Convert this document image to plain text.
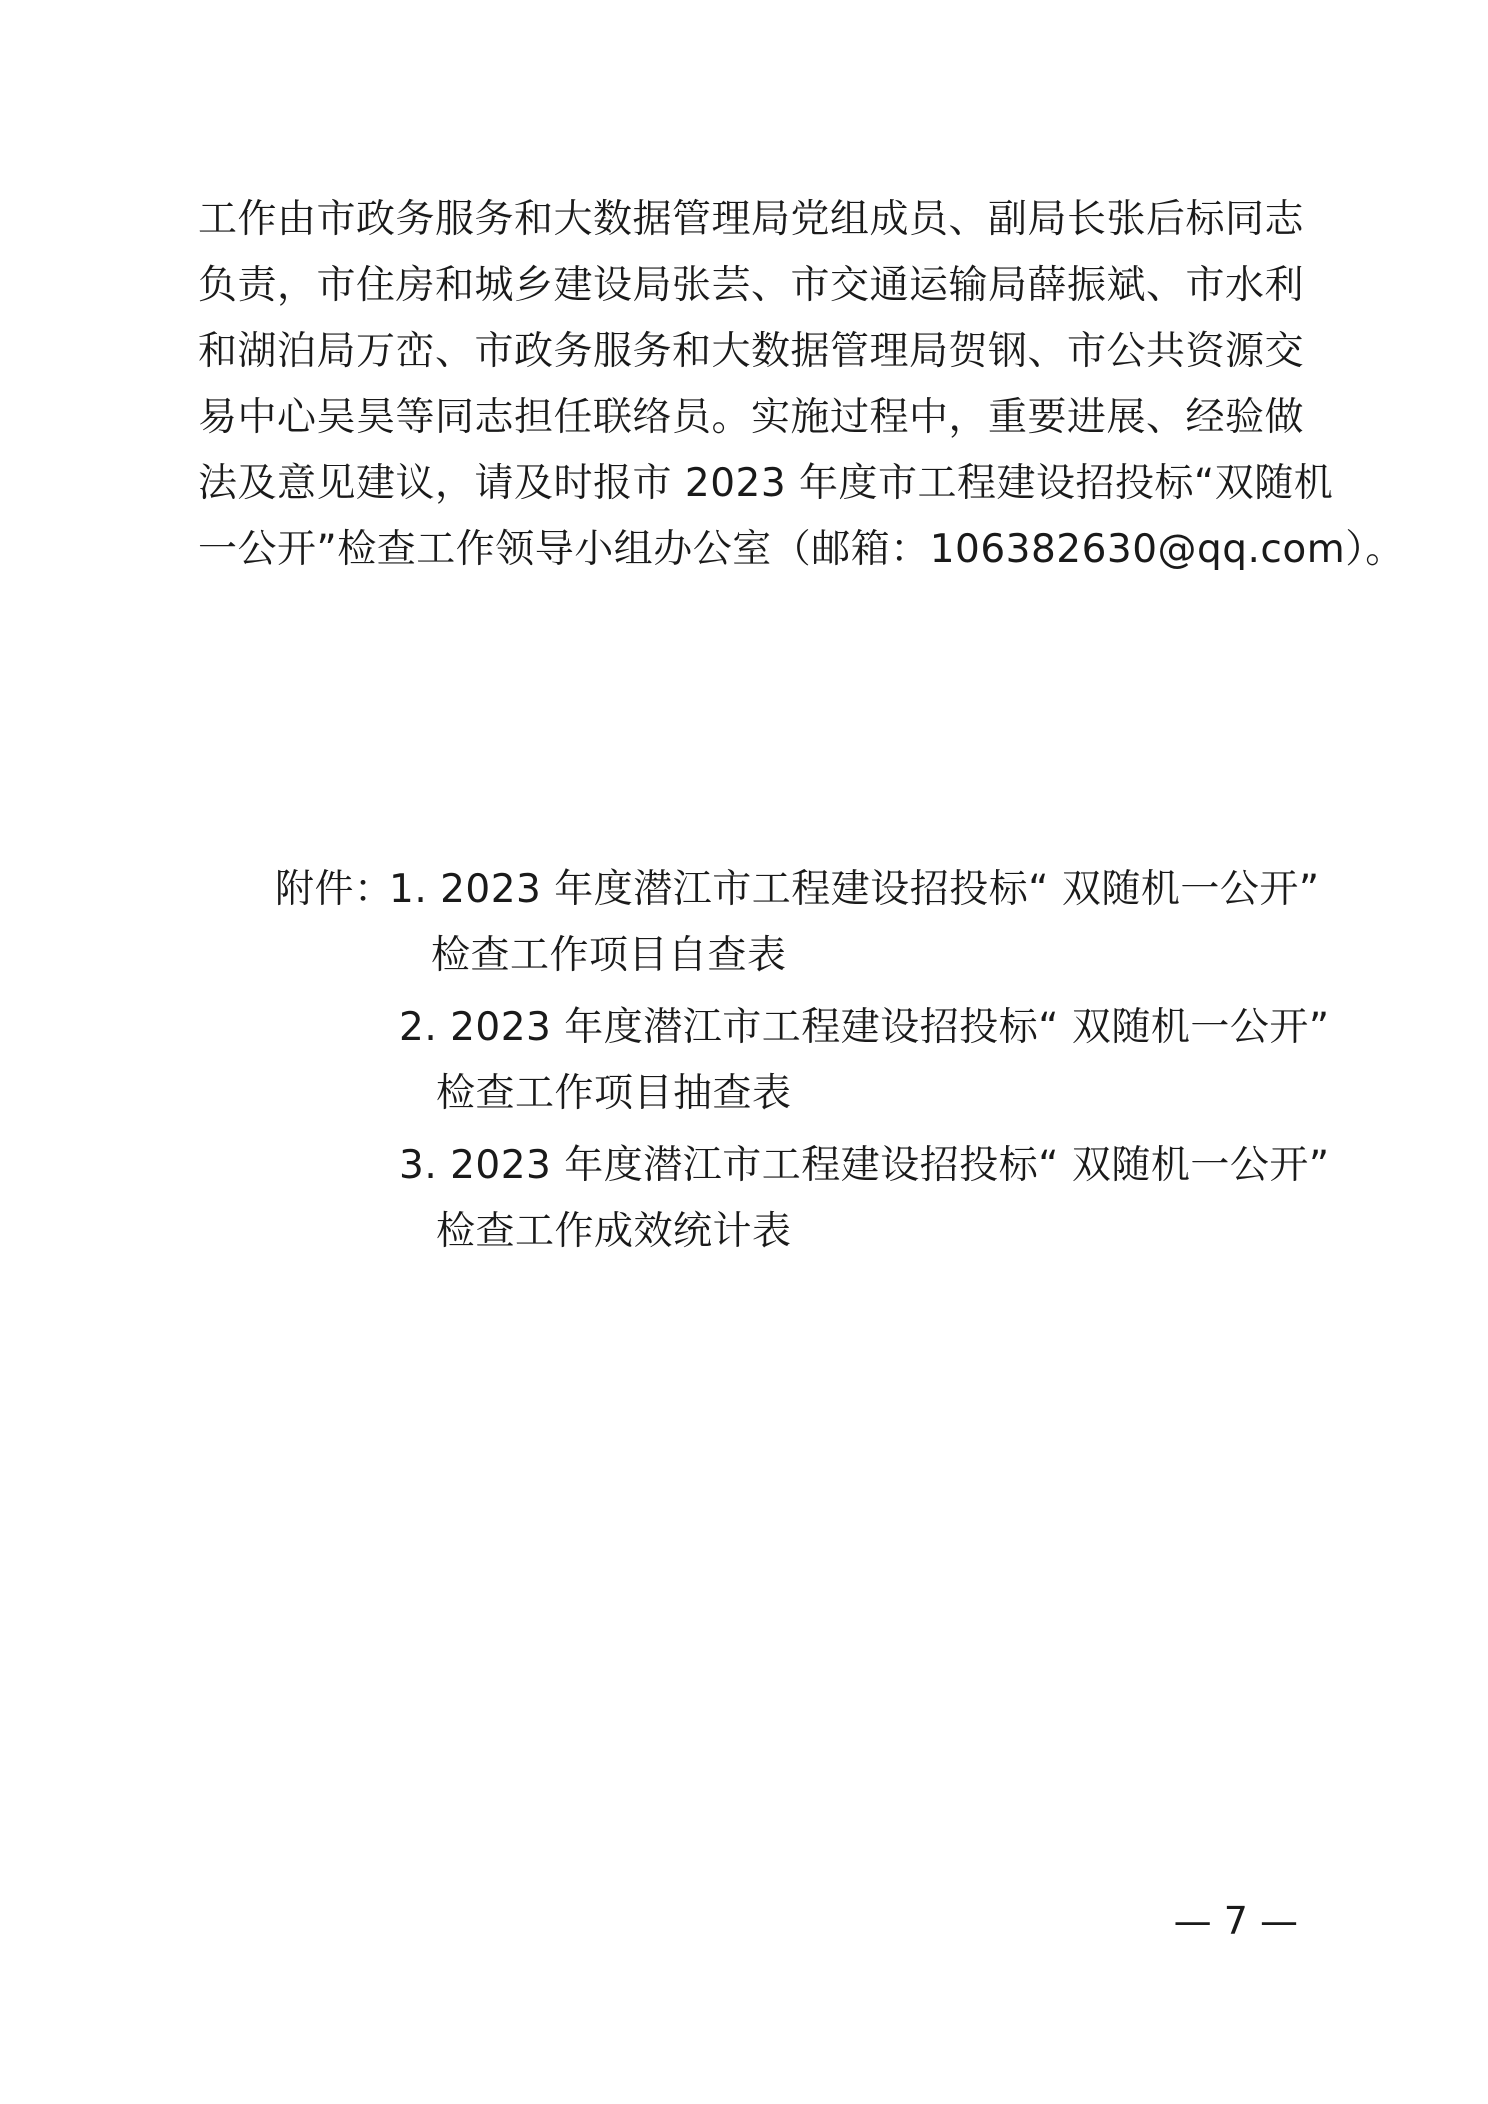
工作由市政务服务和大数据管理局党组成员、副局长张后标同志
负责，市住房和城乡建设局张芸、市交通运输局薛振斌、市水利
和湖泊局万峦、市政务服务和大数据管理局贺钢、市公共资源交
易中心吴昊等同志担任联络员。实施过程中，重要进展、经验做
法及意见建议，请及时报市 2023 年度市工程建设招投标“双随机
一公开”检查工作领导小组办公室（邮箱：106382630@qq.com）。
附件：
1. 2023 年度潜江市工程建设招投标“ 双随机一公开”
检查工作项目自查表
2. 2023 年度潜江市工程建设招投标“ 双随机一公开”
检查工作项目抽查表
3. 2023 年度潜江市工程建设招投标“ 双随机一公开”
检查工作成效统计表
— 7 —
